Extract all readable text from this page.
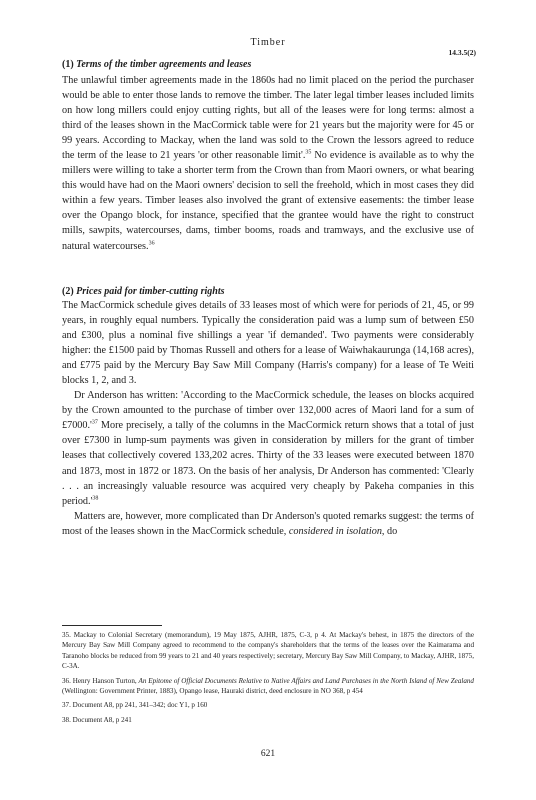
Timber
14.3.5(2)

(1) Terms of the timber agreements and leases

The unlawful timber agreements made in the 1860s had no limit placed on the period the purchaser would be able to enter those lands to remove the timber. The later legal timber leases included limits on how long millers could enjoy cutting rights, but all of the leases were for long terms: almost a third of the leases shown in the MacCormick table were for 21 years but the majority were for 45 or 99 years. According to Mackay, when the land was sold to the Crown the lessors agreed to reduce the term of the lease to 21 years 'or other reasonable limit'.$^{35}$ No evidence is available as to why the millers were willing to take a shorter term from the Crown than from Maori owners, or what bearing this would have had on the Maori owners' decision to sell the freehold, which in most cases they did within a few years. Timber leases also involved the grant of extensive easements: the timber lease over the Opango block, for instance, specified that the grantee would have the right to construct mills, sawpits, watercourses, dams, timber booms, roads and tramways, and the exclusive use of natural watercourses.$^{36}$

(2) Prices paid for timber-cutting rights

The MacCormick schedule gives details of 33 leases most of which were for periods of 21, 45, or 99 years, in roughly equal numbers. Typically the consideration paid was a lump sum of between £50 and £300, plus a nominal five shillings a year 'if demanded'. Two payments were considerably higher: the £1500 paid by Thomas Russell and others for a lease of Waiwhakaurunga (14,168 acres), and £775 paid by the Mercury Bay Saw Mill Company (Harris's company) for a lease of Te Weiti blocks 1, 2, and 3.

Dr Anderson has written: 'According to the MacCormick schedule, the leases on blocks acquired by the Crown amounted to the purchase of timber over 132,000 acres of Maori land for a sum of $£7000.'^{37}$ More precisely, a tally of the columns in the MacCormick return shows that a total of just over £7300 in lump-sum payments was given in consideration by millers for the grant of timber leases that collectively covered 133,202 acres. Thirty of the 33 leases were executed between 1870 and 1873, most in 1872 or 1873. On the basis of her analysis, Dr Anderson has commented: 'Clearly . . . an increasingly valuable resource was acquired very cheaply by Pakeha companies in this $period.'^{38}$

Matters are, however, more complicated than Dr Anderson's quoted remarks suggest: the terms of most of the leases shown in the MacCormick schedule, considered in isolation, do

35. Mackay to Colonial Secretary (memorandum), 19 May 1875, AJHR, 1875, C-3, p 4. At Mackay's behest, in 1875 the directors of the Mercury Bay Saw Mill Company agreed to recommend to the company's shareholders that the terms of the leases over the Kaimarama and Taranoho blocks be reduced from 99 years to 21 and 40 years respectively; secretary, Mercury Bay Saw Mill Company, to Mackay, AJHR, 1875, C-3A.

36. Henry Hanson Turton, An Epitome of Official Documents Relative to Native Affairs and Land Purchases in the North Island of New Zealand (Wellington: Government Printer, 1883), Opango lease, Hauraki district, deed enclosure in NO 368, p 454

37. Document A8, pp 241, 341–342; doc Y1, p 160

38. Document A8, p 241

621
